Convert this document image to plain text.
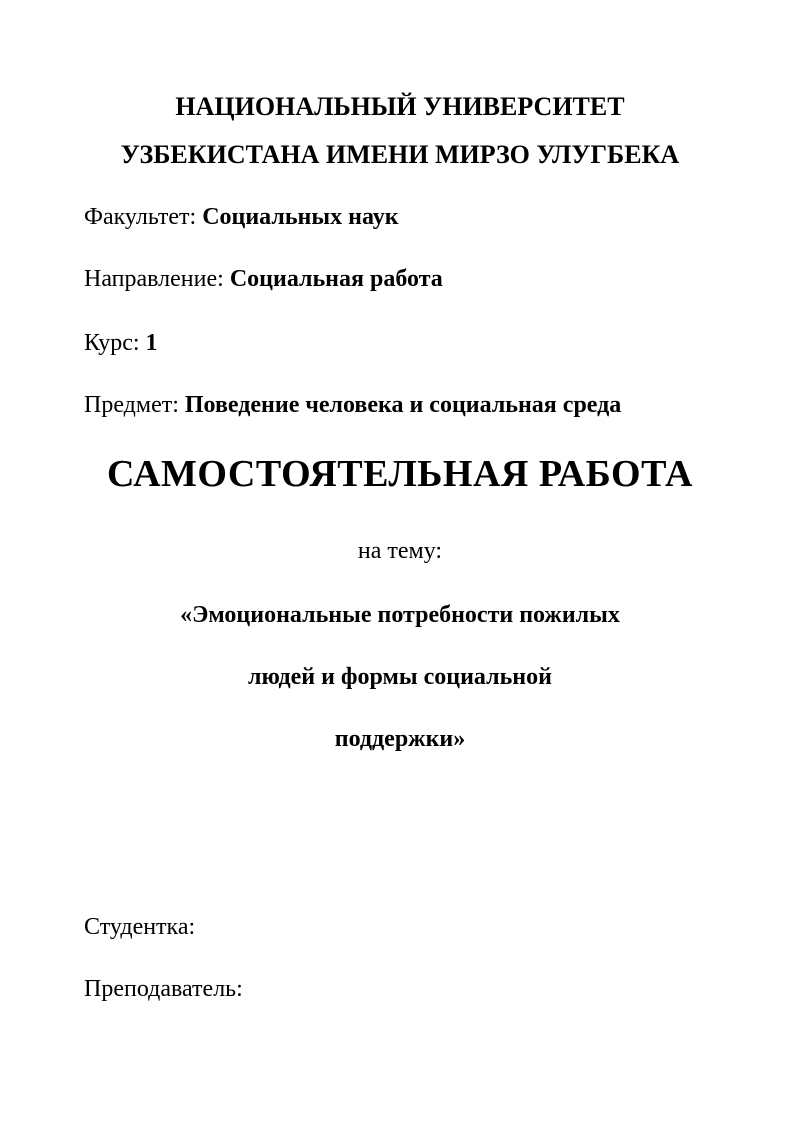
НАЦИОНАЛЬНЫЙ УНИВЕРСИТЕТ
УЗБЕКИСТАНА ИМЕНИ МИРЗО УЛУГБЕКА
Факультет: Социальных наук
Направление: Социальная работа
Курс: 1
Предмет: Поведение человека и социальная среда
САМОСТОЯТЕЛЬНАЯ РАБОТА
на тему:
«Эмоциональные потребности пожилых
людей и формы социальной
поддержки»
Студентка:
Преподаватель:
